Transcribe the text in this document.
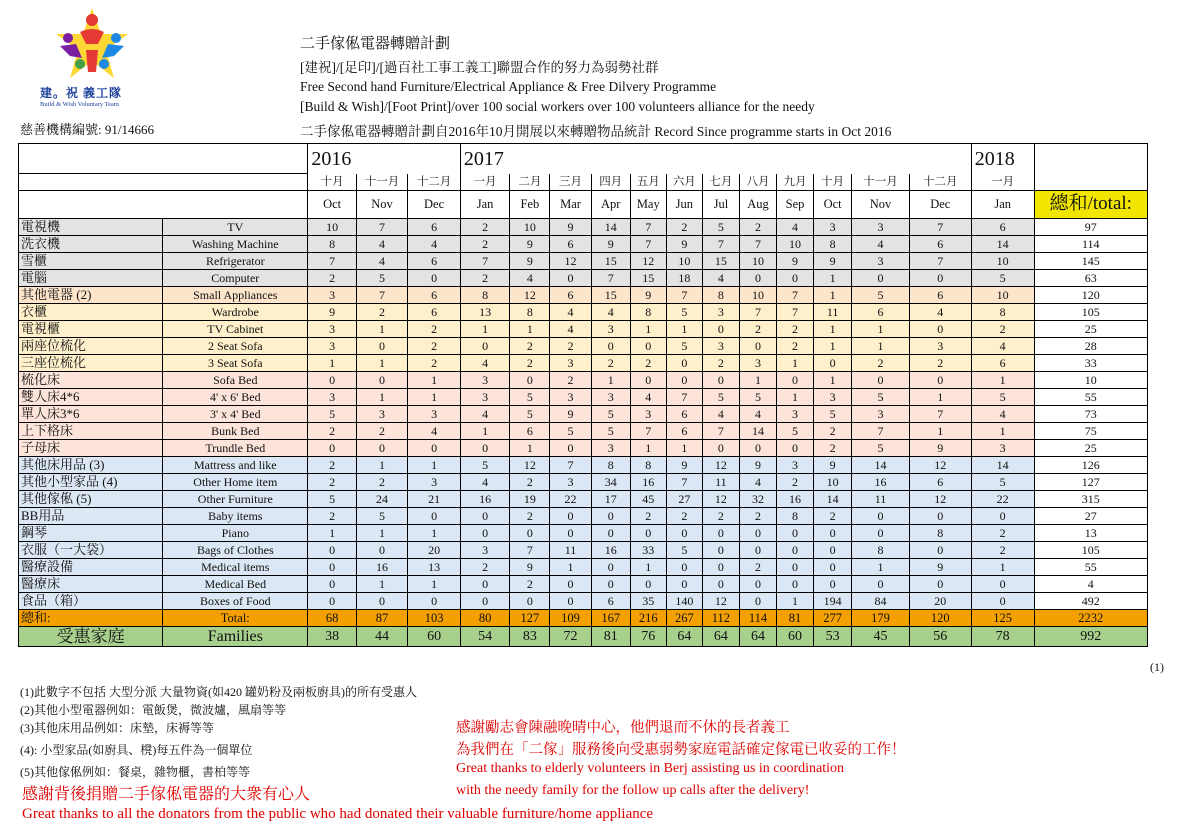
建。祝 義工隊
Build & Wish Voluntary Team
慈善機構編號: 91/14666
二手傢俬電器轉贈計劃
[建祝]/[足印]/[過百社工事工義工]聯盟合作的努力為弱勢社群
Free Second hand Furniture/Electrical Appliance & Free Dilvery Programme
[Build & Wish]/[Foot Print]/over 100 social workers over 100 volunteers alliance for the needy
二手傢俬電器轉贈計劃自2016年10月開展以來轉贈物品統計 Record Since programme starts in Oct 2016
		2016			2017												2018	
		十月	十一月	十二月	一月	二月	三月	四月	五月	六月	七月	八月	九月	十月	十一月	十二月	一月	
		Oct	Nov	Dec	Jan	Feb	Mar	Apr	May	Jun	Jul	Aug	Sep	Oct	Nov	Dec	Jan	總和/total:
電視機	TV	10	7	6	2	10	9	14	7	2	5	2	4	3	3	7	6	97
洗衣機	Washing Machine	8	4	4	2	9	6	9	7	9	7	7	10	8	4	6	14	114
雪櫃	Refrigerator	7	4	6	7	9	12	15	12	10	15	10	9	9	3	7	10	145
電腦	Computer	2	5	0	2	4	0	7	15	18	4	0	0	1	0	0	5	63
其他電器 (2)	Small Appliances	3	7	6	8	12	6	15	9	7	8	10	7	1	5	6	10	120
衣櫃	Wardrobe	9	2	6	13	8	4	4	8	5	3	7	7	11	6	4	8	105
電視櫃	TV Cabinet	3	1	2	1	1	4	3	1	1	0	2	2	1	1	0	2	25
兩座位梳化	2 Seat Sofa	3	0	2	0	2	2	0	0	5	3	0	2	1	1	3	4	28
三座位梳化	3 Seat Sofa	1	1	2	4	2	3	2	2	0	2	3	1	0	2	2	6	33
梳化床	Sofa Bed	0	0	1	3	0	2	1	0	0	0	1	0	1	0	0	1	10
雙人床4*6	4' x 6' Bed	3	1	1	3	5	3	3	4	7	5	5	1	3	5	1	5	55
單人床3*6	3' x 4' Bed	5	3	3	4	5	9	5	3	6	4	4	3	5	3	7	4	73
上下格床	Bunk Bed	2	2	4	1	6	5	5	7	6	7	14	5	2	7	1	1	75
子母床	Trundle Bed	0	0	0	0	1	0	3	1	1	0	0	0	2	5	9	3	25
其他床用品 (3)	Mattress and like	2	1	1	5	12	7	8	8	9	12	9	3	9	14	12	14	126
其他小型家品 (4)	Other Home item	2	2	3	4	2	3	34	16	7	11	4	2	10	16	6	5	127
其他傢俬 (5)	Other Furniture	5	24	21	16	19	22	17	45	27	12	32	16	14	11	12	22	315
BB用品	Baby items	2	5	0	0	2	0	0	2	2	2	2	8	2	0	0	0	27
鋼琴	Piano	1	1	1	0	0	0	0	0	0	0	0	0	0	0	8	2	13
衣服（一大袋）	Bags of Clothes	0	0	20	3	7	11	16	33	5	0	0	0	0	8	0	2	105
醫療設備	Medical items	0	16	13	2	9	1	0	1	0	0	2	0	0	1	9	1	55
醫療床	Medical Bed	0	1	1	0	2	0	0	0	0	0	0	0	0	0	0	0	4
食品（箱）	Boxes of Food	0	0	0	0	0	0	6	35	140	12	0	1	194	84	20	0	492
總和:	Total:	68	87	103	80	127	109	167	216	267	112	114	81	277	179	120	125	2232
受惠家庭	Families	38	44	60	54	83	72	81	76	64	64	64	60	53	45	56	78	992
(1)
(1)此數字不包括 大型分派 大量物資(如420 罐奶粉及兩板廚具)的所有受惠人
(2)其他小型電器例如：電飯煲，微波爐，風扇等等
(3)其他床用品例如：床墊，床褥等等
(4): 小型家品(如廚具、櫈)每五件為一個單位
(5)其他傢俬例如：餐桌，雜物櫃，書柏等等
感謝背後捐贈二手傢俬電器的大衆有心人
Great thanks to all the donators from the public who had donated their valuable furniture/home appliance
感謝勵志會陳融晚晴中心，他們退而不休的長者義工
為我們在「二傢」服務後向受惠弱勢家庭電話確定傢電已收妥的工作！
Great thanks to elderly volunteers in Berj assisting us in coordination
with the needy family for the follow up calls after the delivery!
